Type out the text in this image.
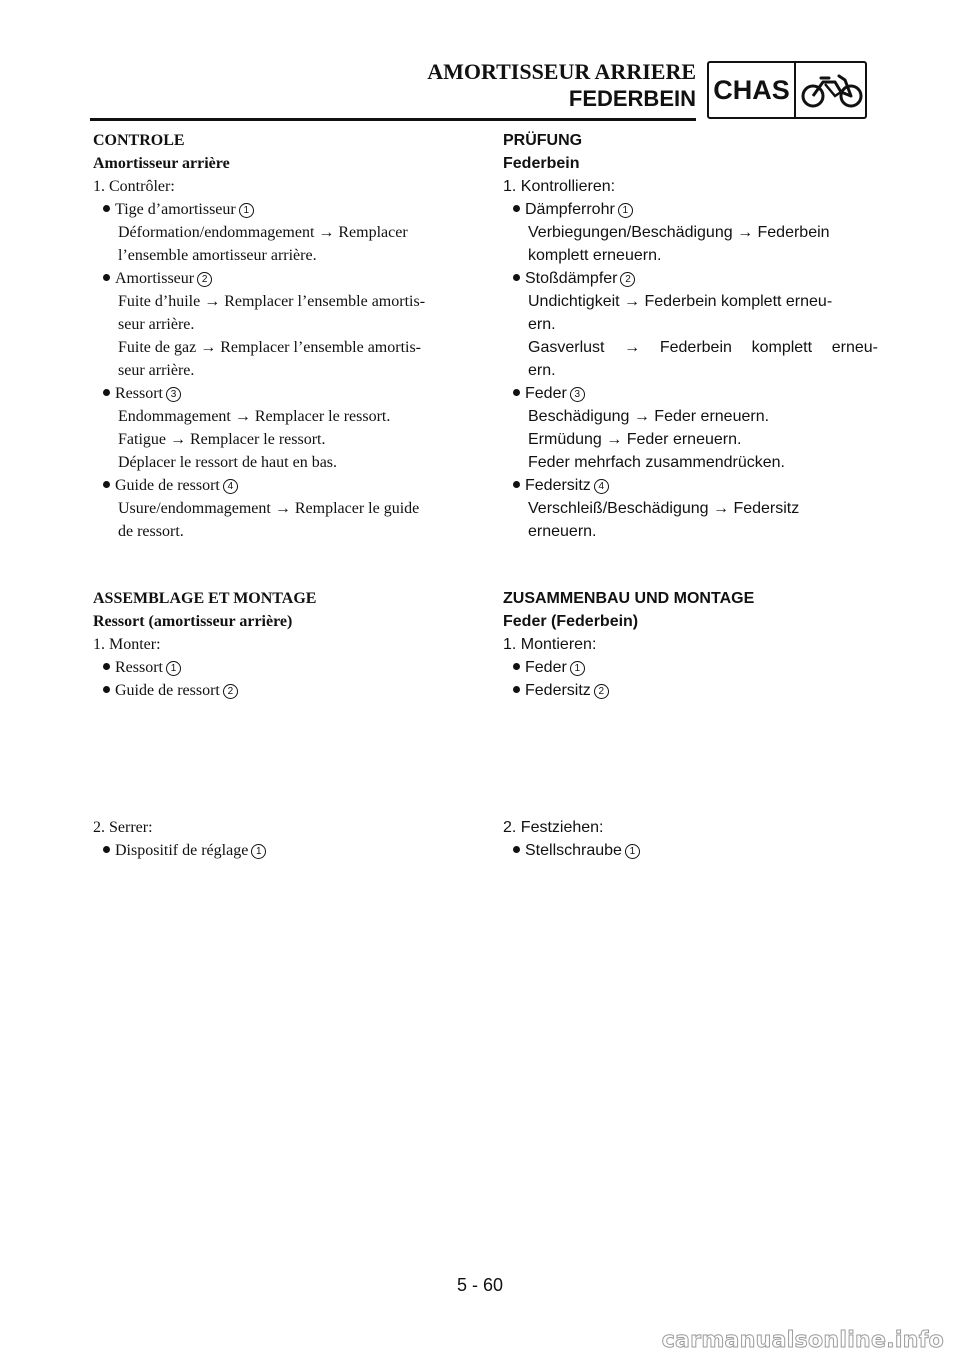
AMORTISSEUR ARRIERE
FEDERBEIN CHAS
CONTROLE
Amortisseur arrière
1. Contrôler:
Tige d’amortisseur 1
Déformation/endommagement → Remplacer
l’ensemble amortisseur arrière.
Amortisseur 2
Fuite d’huile → Remplacer l’ensemble amortis-
seur arrière.
Fuite de gaz → Remplacer l’ensemble amortis-
seur arrière.
Ressort 3
Endommagement → Remplacer le ressort.
Fatigue → Remplacer le ressort.
Déplacer le ressort de haut en bas.
Guide de ressort 4
Usure/endommagement → Remplacer le guide
de ressort.
ASSEMBLAGE ET MONTAGE
Ressort (amortisseur arrière)
1. Monter:
Ressort 1
Guide de ressort 2
2. Serrer:
Dispositif de réglage 1
PRÜFUNG
Federbein
1. Kontrollieren:
Dämpferrohr 1
Verbiegungen/Beschädigung → Federbein
komplett erneuern.
Stoßdämpfer 2
Undichtigkeit → Federbein komplett erneu-
ern.
Gasverlust → Federbein komplett erneu-
ern.
Feder 3
Beschädigung → Feder erneuern.
Ermüdung → Feder erneuern.
Feder mehrfach zusammendrücken.
Federsitz 4
Verschleiß/Beschädigung → Federsitz
erneuern.
ZUSAMMENBAU UND MONTAGE
Feder (Federbein)
1. Montieren:
Feder 1
Federsitz 2
2. Festziehen:
Stellschraube 1
5 - 60
carmanualsonline.info
